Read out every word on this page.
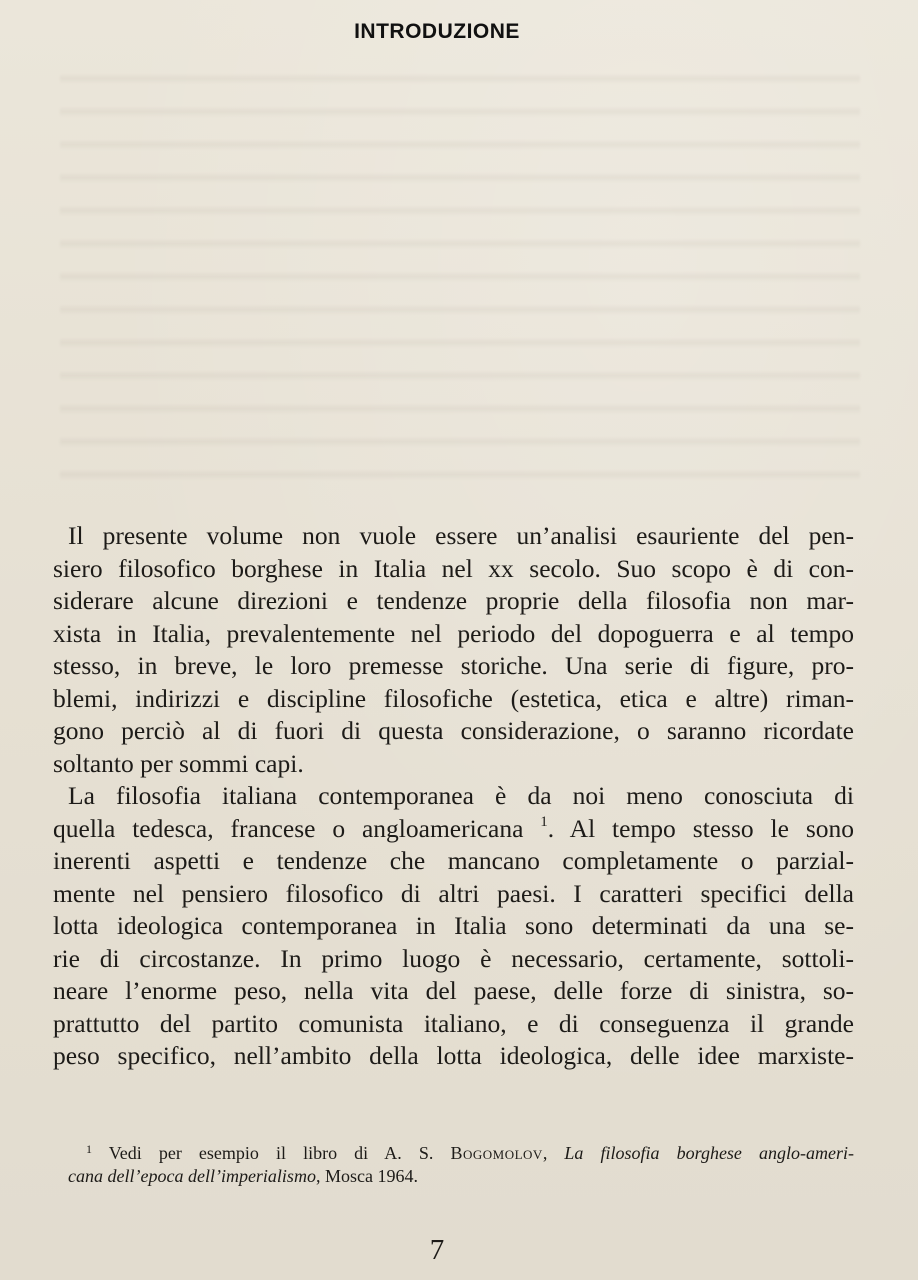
INTRODUZIONE
Il presente volume non vuole essere un’analisi esauriente del pen-
siero filosofico borghese in Italia nel xx secolo. Suo scopo è di con-
siderare alcune direzioni e tendenze proprie della filosofia non mar-
xista in Italia, prevalentemente nel periodo del dopoguerra e al tempo
stesso, in breve, le loro premesse storiche. Una serie di figure, pro-
blemi, indirizzi e discipline filosofiche (estetica, etica e altre) riman-
gono perciò al di fuori di questa considerazione, o saranno ricordate
soltanto per sommi capi.
La filosofia italiana contemporanea è da noi meno conosciuta di
quella tedesca, francese o angloamericana $^1$. Al tempo stesso le sono
inerenti aspetti e tendenze che mancano completamente o parzial-
mente nel pensiero filosofico di altri paesi. I caratteri specifici della
lotta ideologica contemporanea in Italia sono determinati da una se-
rie di circostanze. In primo luogo è necessario, certamente, sottoli-
neare l’enorme peso, nella vita del paese, delle forze di sinistra, so-
prattutto del partito comunista italiano, e di conseguenza il grande
peso specifico, nell’ambito della lotta ideologica, delle idee marxiste-
$^1$ Vedi per esempio il libro di A. S. Bogomolov, La filosofia borghese anglo-ameri-
cana dell’epoca dell’imperialismo, Mosca 1964.
7
